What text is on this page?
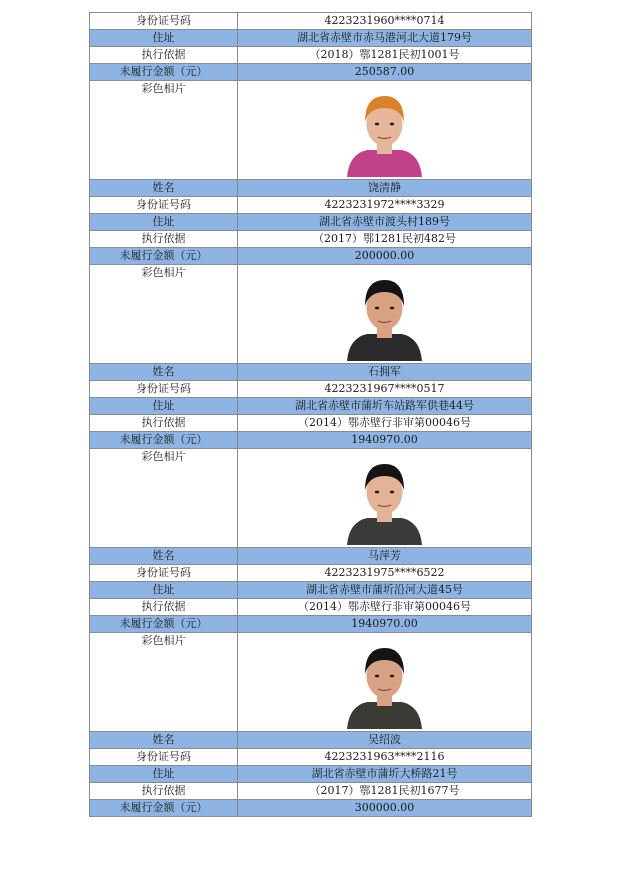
身份证号码	4223231960****0714
住址	湖北省赤壁市赤马港河北大道179号
执行依据	（2018）鄂1281民初1001号
未履行金额（元）	250587.00
彩色相片	

姓名	饶清静
身份证号码	4223231972****3329
住址	湖北省赤壁市渡头村189号
执行依据	（2017）鄂1281民初482号
未履行金额（元）	200000.00
彩色相片	

姓名	石拥军
身份证号码	4223231967****0517
住址	湖北省赤壁市蒲圻车站路军供巷44号
执行依据	（2014）鄂赤壁行非审第00046号
未履行金额（元）	1940970.00
彩色相片	

姓名	马萍芳
身份证号码	4223231975****6522
住址	湖北省赤壁市蒲圻沿河大道45号
执行依据	（2014）鄂赤壁行非审第00046号
未履行金额（元）	1940970.00
彩色相片	

姓名	吴绍波
身份证号码	4223231963****2116
住址	湖北省赤壁市蒲圻大桥路21号
执行依据	（2017）鄂1281民初1677号
未履行金额（元）	300000.00
